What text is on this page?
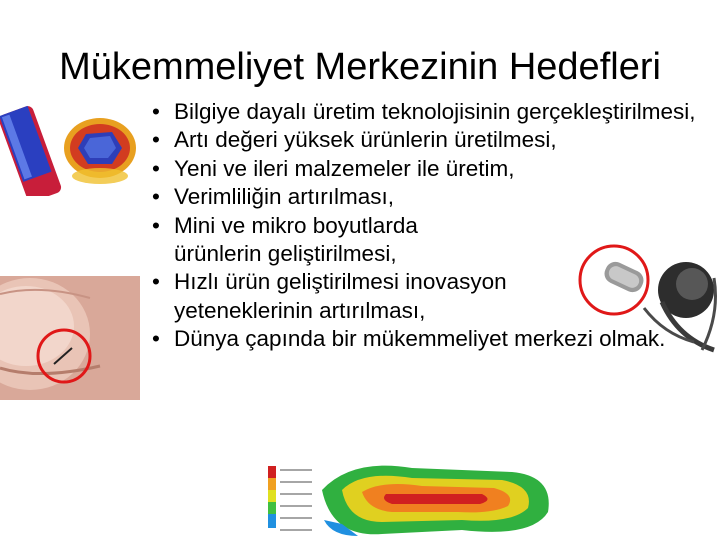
Mükemmeliyet Merkezinin Hedefleri
• Bilgiye dayalı üretim teknolojisinin gerçekleştirilmesi,
• Artı değeri yüksek ürünlerin üretilmesi,
• Yeni ve ileri malzemeler ile üretim,
• Verimliliğin artırılması,
• Mini ve mikro boyutlarda ürünlerin geliştirilmesi,
• Hızlı ürün geliştirilmesi inovasyon yeteneklerinin artırılması,
• Dünya çapında bir mükemmeliyet merkezi olmak.
